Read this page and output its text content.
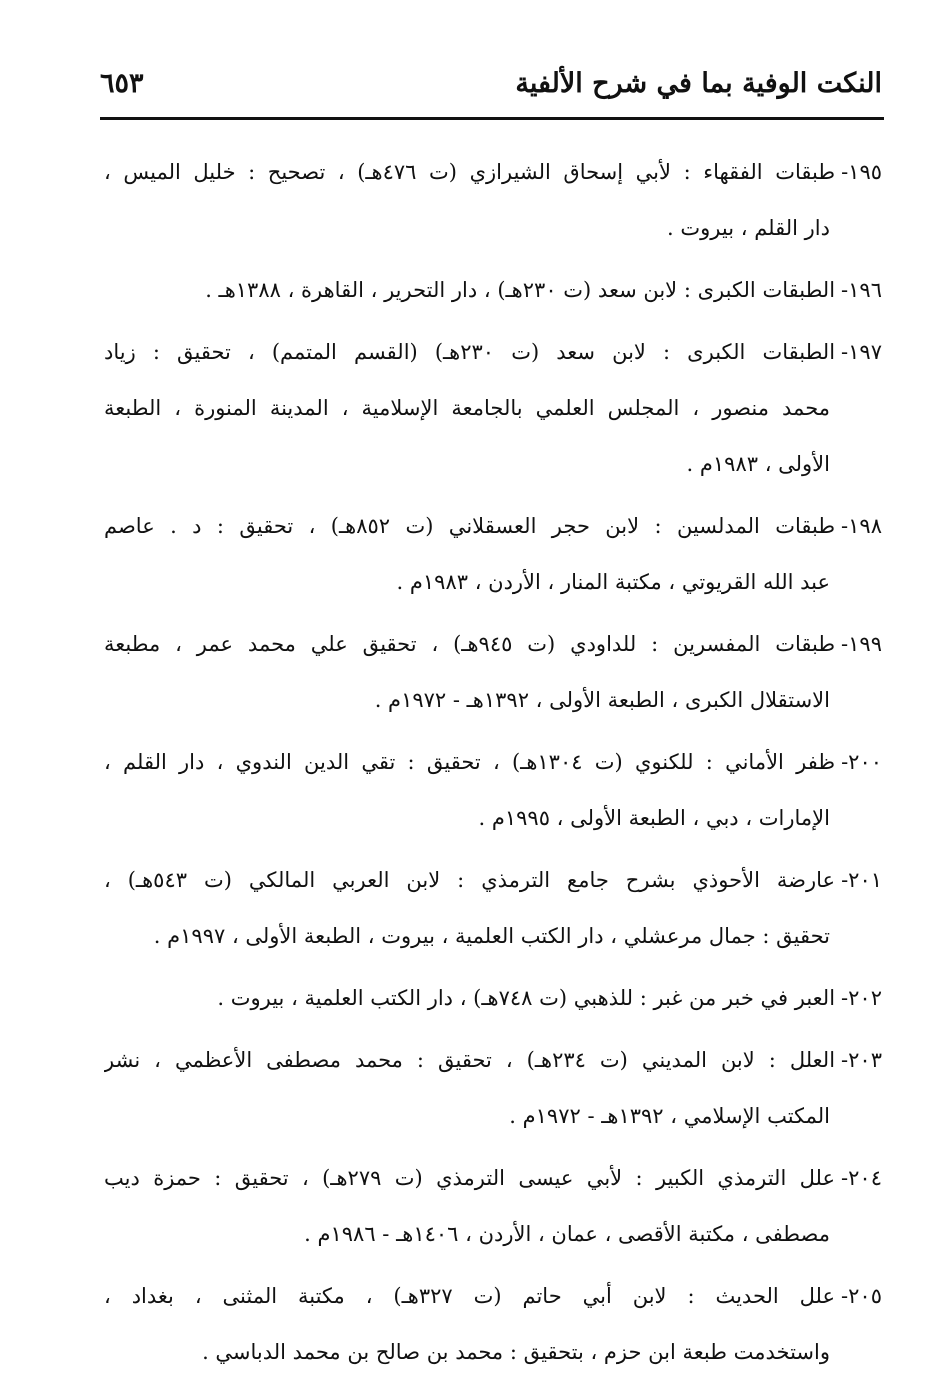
النكت الوفية بما في شرح الألفية
٦٥٣
١٩٥-طبقات الفقهاء : لأبي إسحاق الشيرازي (ت ٤٧٦هـ) ، تصحيح : خليل الميس ،
دار القلم ، بيروت .
١٩٦-الطبقات الكبرى : لابن سعد (ت ٢٣٠هـ) ، دار التحرير ، القاهرة ، ١٣٨٨هـ .
١٩٧-الطبقات الكبرى : لابن سعد (ت ٢٣٠هـ) (القسم المتمم) ، تحقيق : زياد
محمد منصور ، المجلس العلمي بالجامعة الإسلامية ، المدينة المنورة ، الطبعة
الأولى ، ١٩٨٣م .
١٩٨-طبقات المدلسين : لابن حجر العسقلاني (ت ٨٥٢هـ) ، تحقيق : د . عاصم
عبد الله القريوتي ، مكتبة المنار ، الأردن ، ١٩٨٣م .
١٩٩-طبقات المفسرين : للداودي (ت ٩٤٥هـ) ، تحقيق علي محمد عمر ، مطبعة
الاستقلال الكبرى ، الطبعة الأولى ، ١٣٩٢هـ - ١٩٧٢م .
٢٠٠-ظفر الأماني : للكنوي (ت ١٣٠٤هـ) ، تحقيق : تقي الدين الندوي ، دار القلم ،
الإمارات ، دبي ، الطبعة الأولى ، ١٩٩٥م .
٢٠١-عارضة الأحوذي بشرح جامع الترمذي : لابن العربي المالكي (ت ٥٤٣هـ) ،
تحقيق : جمال مرعشلي ، دار الكتب العلمية ، بيروت ، الطبعة الأولى ، ١٩٩٧م .
٢٠٢-العبر في خبر من غبر : للذهبي (ت ٧٤٨هـ) ، دار الكتب العلمية ، بيروت .
٢٠٣-العلل : لابن المديني (ت ٢٣٤هـ) ، تحقيق : محمد مصطفى الأعظمي ، نشر
المكتب الإسلامي ، ١٣٩٢هـ - ١٩٧٢م .
٢٠٤-علل الترمذي الكبير : لأبي عيسى الترمذي (ت ٢٧٩هـ) ، تحقيق : حمزة ديب
مصطفى ، مكتبة الأقصى ، عمان ، الأردن ، ١٤٠٦هـ - ١٩٨٦م .
٢٠٥-علل الحديث : لابن أبي حاتم (ت ٣٢٧هـ) ، مكتبة المثنى ، بغداد ،
واستخدمت طبعة ابن حزم ، بتحقيق : محمد بن صالح بن محمد الدباسي .
